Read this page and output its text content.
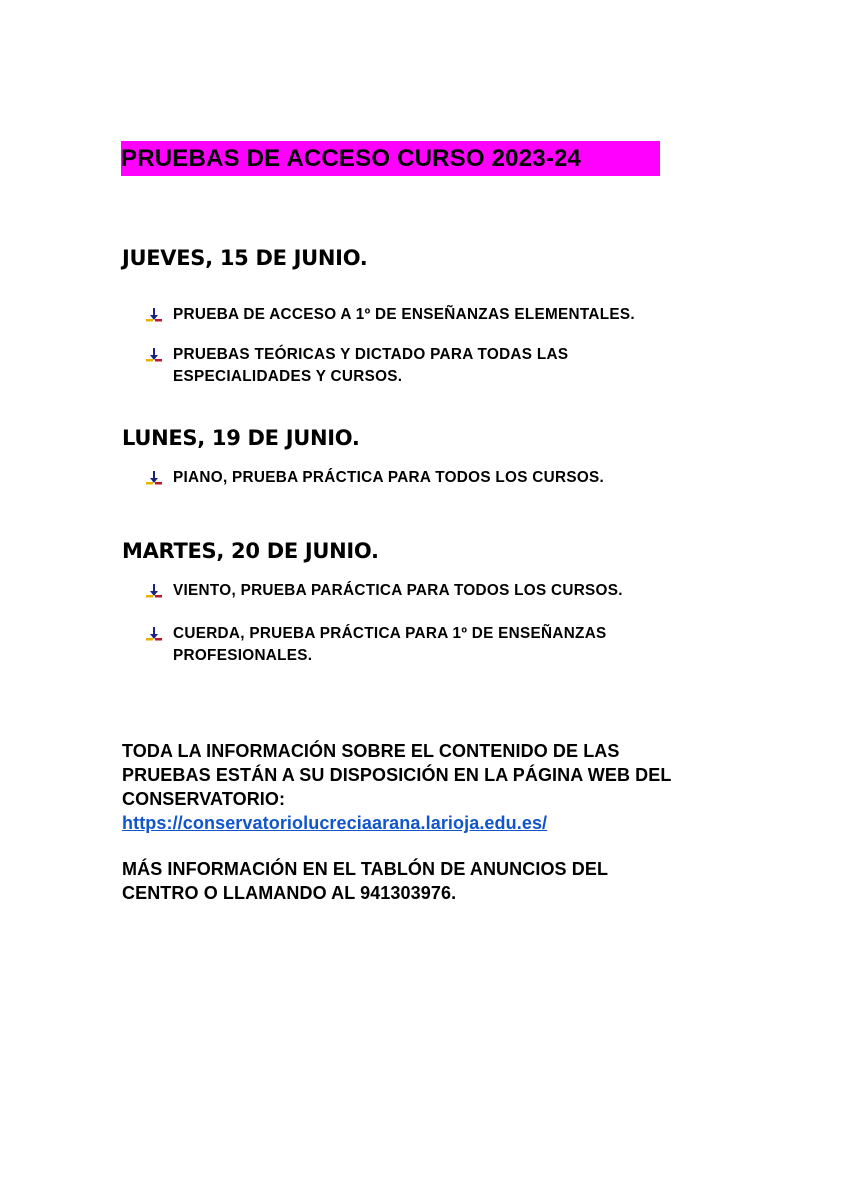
PRUEBAS DE ACCESO CURSO 2023-24
JUEVES, 15 DE JUNIO.
PRUEBA DE ACCESO A 1º DE ENSEÑANZAS ELEMENTALES.
PRUEBAS TEÓRICAS Y DICTADO PARA TODAS LAS ESPECIALIDADES Y CURSOS.
LUNES, 19 DE JUNIO.
PIANO, PRUEBA PRÁCTICA PARA TODOS LOS CURSOS.
MARTES, 20 DE JUNIO.
VIENTO, PRUEBA PARÁCTICA PARA TODOS LOS CURSOS.
CUERDA, PRUEBA PRÁCTICA PARA 1º DE ENSEÑANZAS PROFESIONALES.
TODA LA INFORMACIÓN SOBRE EL CONTENIDO DE LAS PRUEBAS ESTÁN A SU DISPOSICIÓN EN LA PÁGINA WEB DEL CONSERVATORIO:
https://conservatoriolucreciaarana.larioja.edu.es/
MÁS INFORMACIÓN EN EL TABLÓN DE ANUNCIOS DEL CENTRO O LLAMANDO AL 941303976.
